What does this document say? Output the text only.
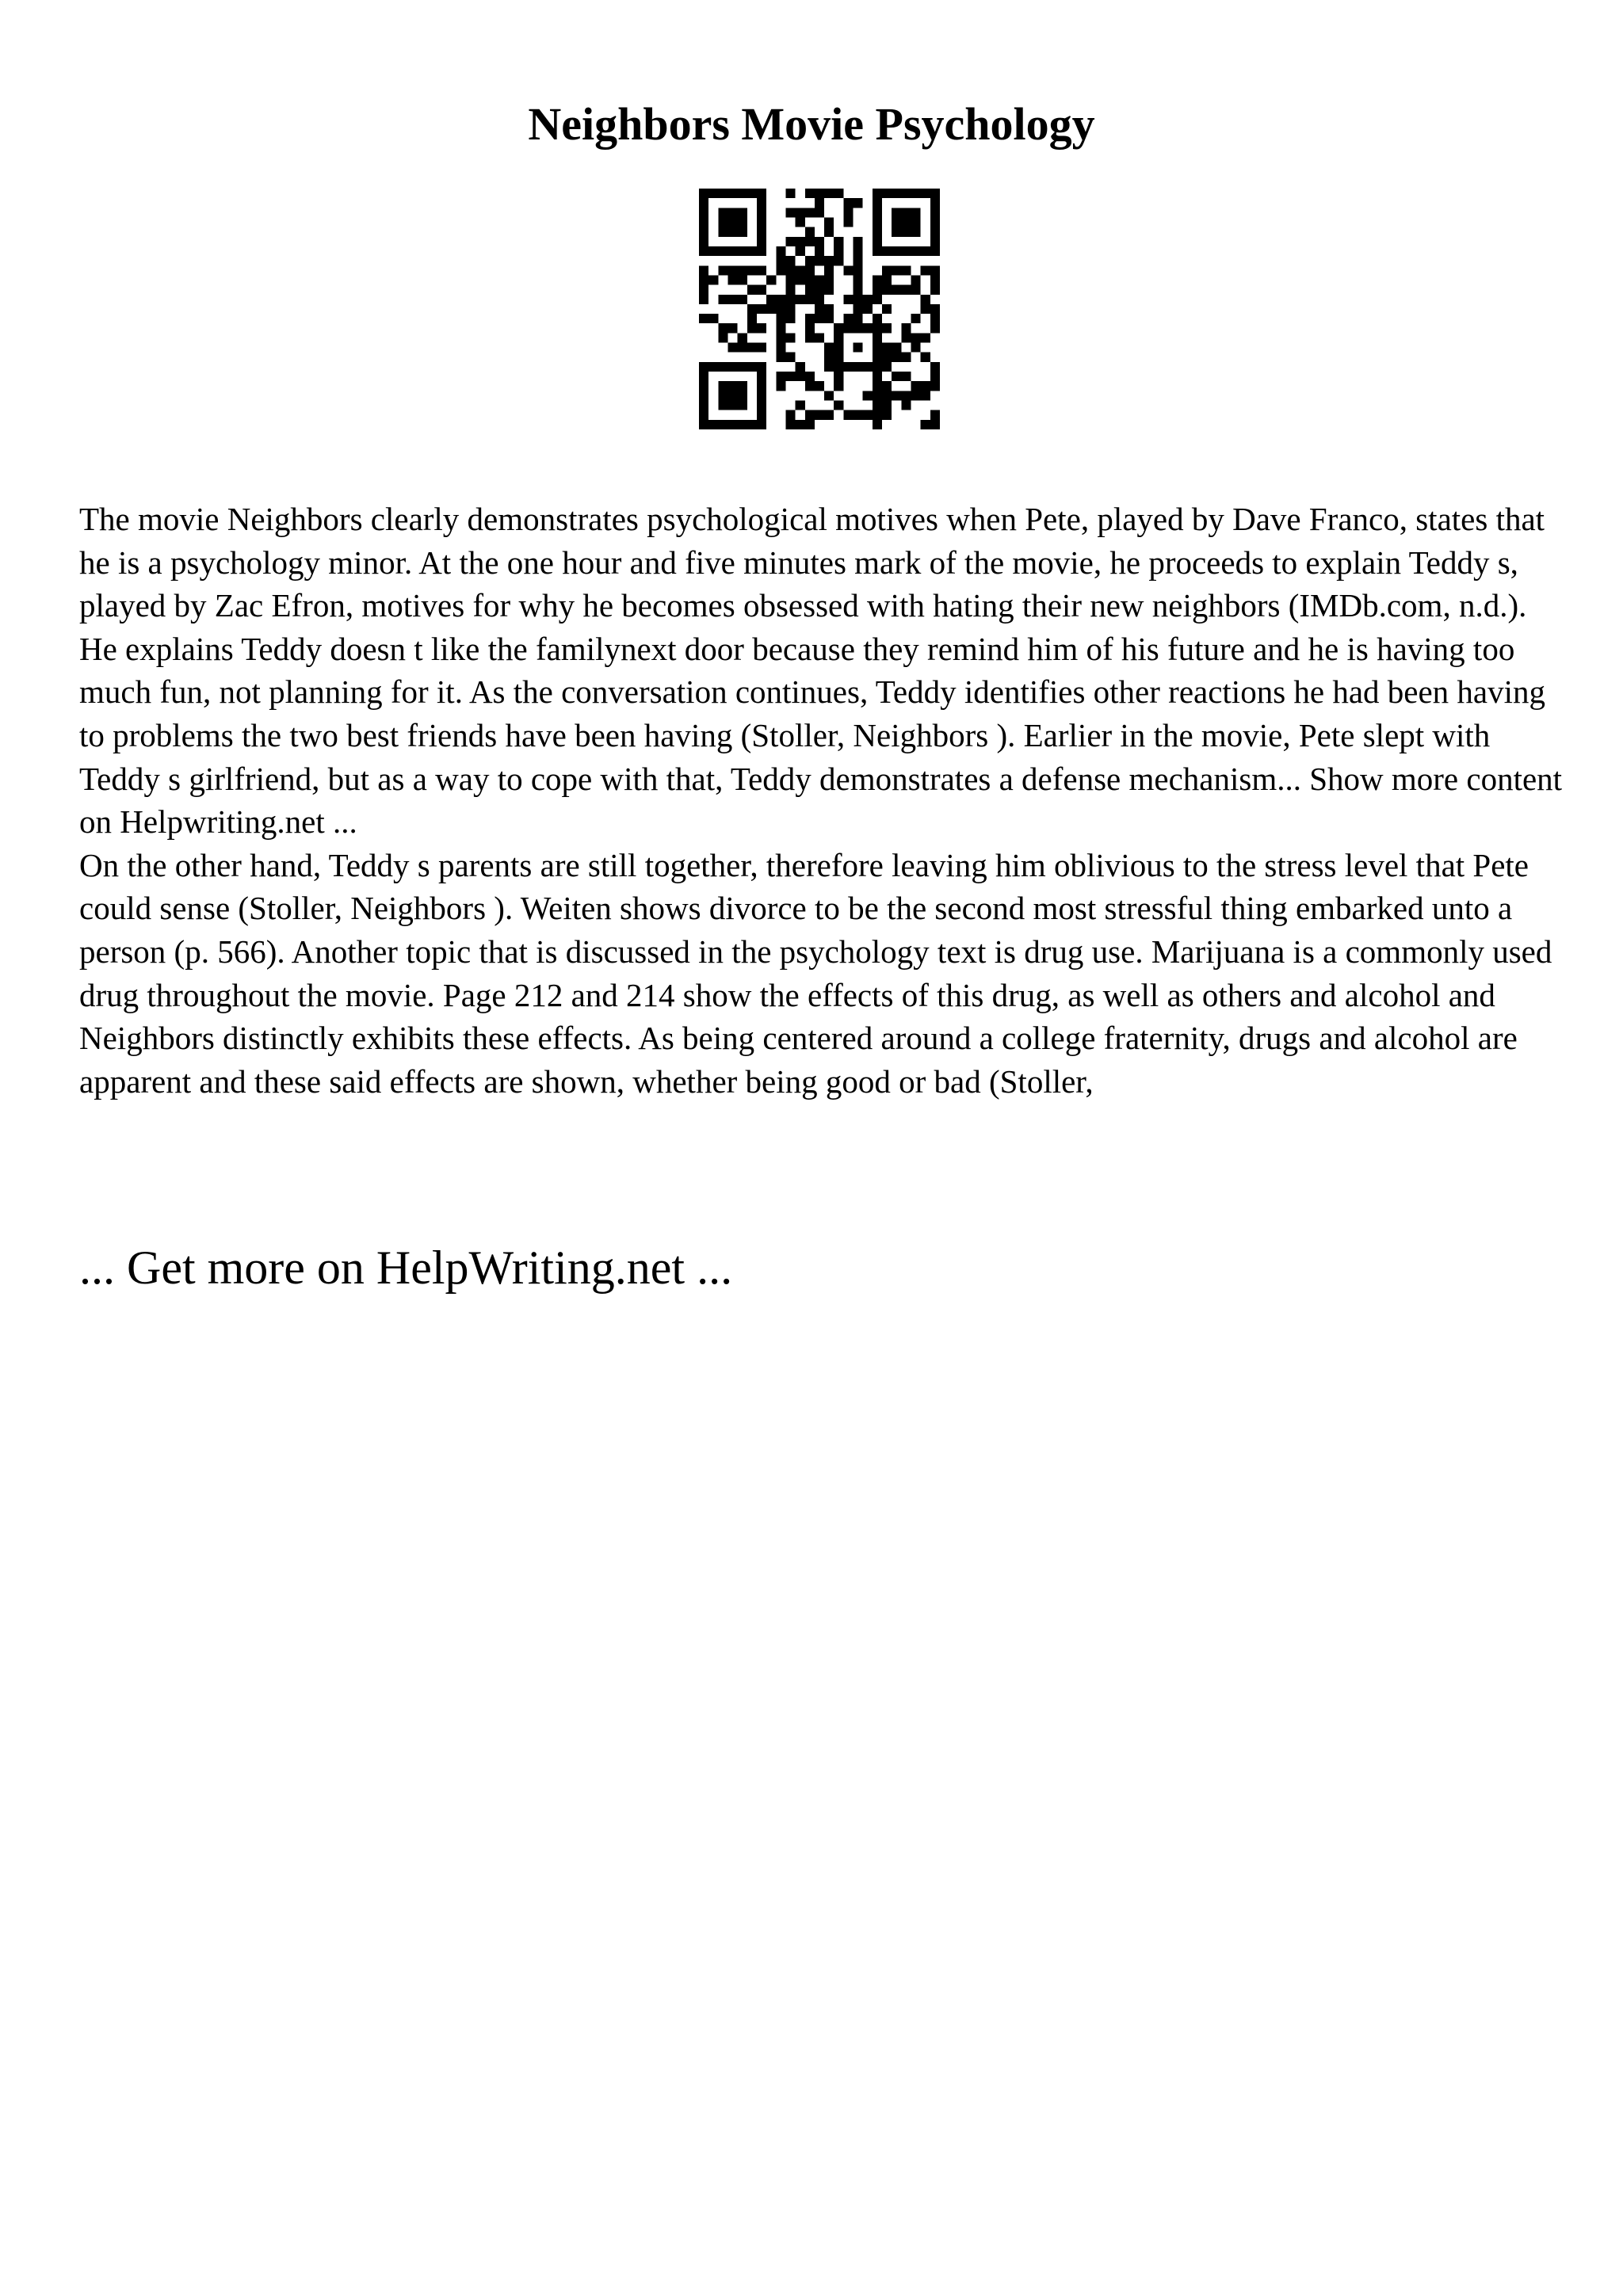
Neighbors Movie Psychology

The movie Neighbors clearly demonstrates psychological motives when Pete, played by Dave Franco, states that he is a psychology minor. At the one hour and five minutes mark of the movie, he proceeds to explain Teddy s, played by Zac Efron, motives for why he becomes obsessed with hating their new neighbors (IMDb.com, n.d.). He explains Teddy doesn t like the familynext door because they remind him of his future and he is having too much fun, not planning for it. As the conversation continues, Teddy identifies other reactions he had been having to problems the two best friends have been having (Stoller, Neighbors ). Earlier in the movie, Pete slept with Teddy s girlfriend, but as a way to cope with that, Teddy demonstrates a defense mechanism... Show more content on Helpwriting.net ...

On the other hand, Teddy s parents are still together, therefore leaving him oblivious to the stress level that Pete could sense (Stoller, Neighbors ). Weiten shows divorce to be the second most stressful thing embarked unto a person (p. 566). Another topic that is discussed in the psychology text is drug use. Marijuana is a commonly used drug throughout the movie. Page 212 and 214 show the effects of this drug, as well as others and alcohol and Neighbors distinctly exhibits these effects. As being centered around a college fraternity, drugs and alcohol are apparent and these said effects are shown, whether being good or bad (Stoller,

... Get more on HelpWriting.net ...
